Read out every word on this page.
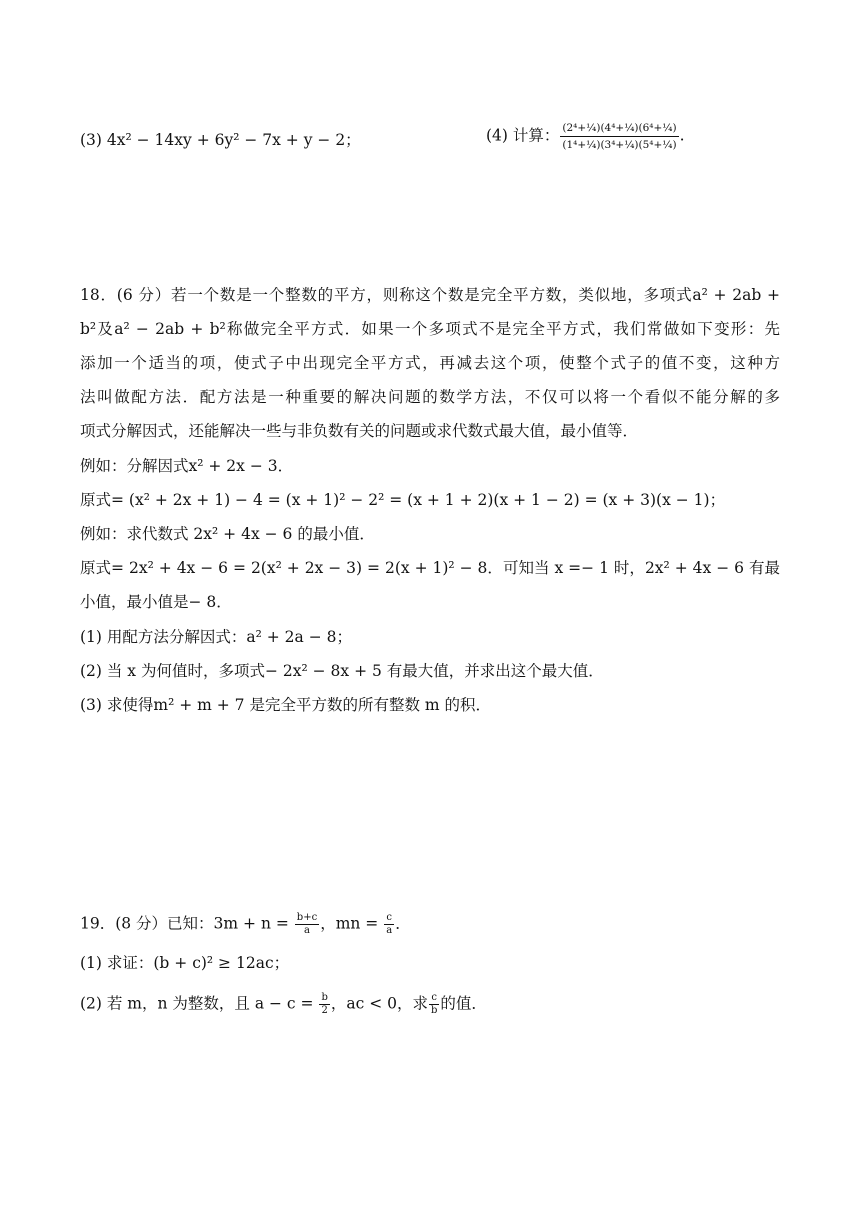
(3) 4x² − 14xy + 6y² − 7x + y − 2；	(4) 计算： $\frac{\text{(2⁴+¼)(4⁴+¼)(6⁴+¼)}}{\text{(1⁴+¼)(3⁴+¼)(5⁴+¼)}}$ .
18．(6 分）若一个数是一个整数的平方，则称这个数是完全平方数，类似地，多项式a² + 2ab +
b²及a² − 2ab + b²称做完全平方式．如果一个多项式不是完全平方式，我们常做如下变形：先
添加一个适当的项，使式子中出现完全平方式，再减去这个项，使整个式子的值不变，这种方
法叫做配方法．配方法是一种重要的解决问题的数学方法，不仅可以将一个看似不能分解的多
项式分解因式，还能解决一些与非负数有关的问题或求代数式最大值，最小值等．
例如：分解因式x² + 2x − 3．
原式= (x² + 2x + 1) − 4 = (x + 1)² − 2² = (x + 1 + 2)(x + 1 − 2) = (x + 3)(x − 1)；
例如：求代数式 2x² + 4x − 6 的最小值．
原式= 2x² + 4x − 6 = 2(x² + 2x − 3) = 2(x + 1)² − 8．可知当 x =− 1 时，2x² + 4x − 6 有最
小值，最小值是− 8．
(1) 用配方法分解因式：a² + 2a − 8；
(2) 当 x 为何值时，多项式− 2x² − 8x + 5 有最大值，并求出这个最大值．
(3) 求使得m² + m + 7 是完全平方数的所有整数 m 的积．
19．(8 分）已知：$3m + n = \frac{b+c}{a}$ ，mn = $\frac{c}{a}$ ．
(1) 求证：(b + c)² ≥ 12ac；
(2) 若 m，n 为整数，且 $a - c = \frac{b}{2}$ ，ac < 0，求 $\frac{c}{b}$ 的值．
